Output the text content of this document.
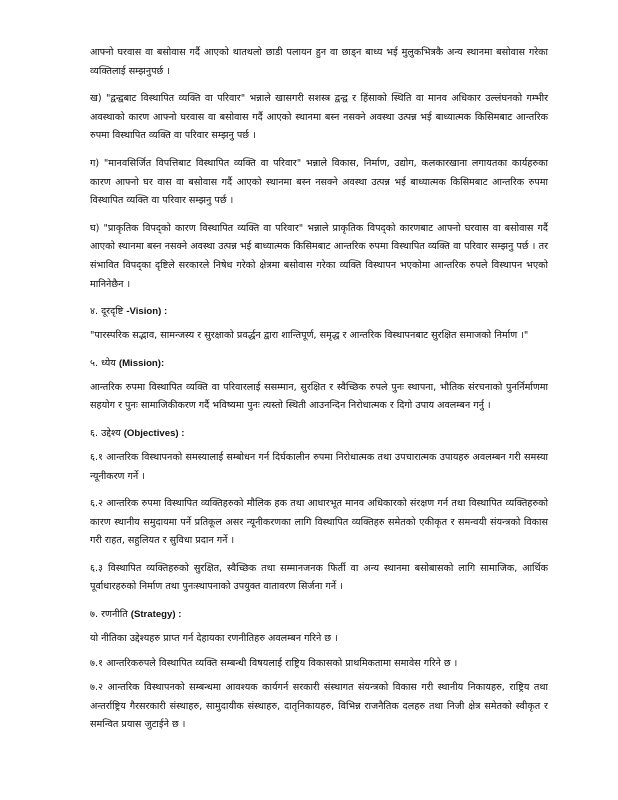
आफ्नो घरवास वा बसोवास गर्दै आएको थातथलो छाडी पलायन हुन वा छाड्न बाध्य भई मुलुकभित्रकै अन्य स्थानमा बसोवास गरेका व्यक्तिलाई सम्झनुपर्छ ।

ख) "द्वन्द्वबाट विस्थापित व्यक्ति वा परिवार" भन्नाले खासगरी सशस्त्र द्वन्द्व र हिंसाको स्थिति वा मानव अधिकार उल्लंघनको गम्भीर अवस्थाको कारण आफ्नो घरवास वा बसोवास गर्दै आएको स्थानमा बस्न नसक्ने अवस्था उत्पन्न भई बाध्यात्मक किसिमबाट आन्तरिक रुपमा विस्थापित व्यक्ति वा परिवार सम्झनु पर्छ ।

ग) "मानवसिर्जित विपत्तिबाट विस्थापित व्यक्ति वा परिवार" भन्नाले विकास, निर्माण, उद्योग, कलकारखाना लगायतका कार्यहरुका कारण आफ्नो घर वास वा बसोवास गर्दै आएको स्थानमा बस्न नसक्ने अवस्था उत्पन्न भई बाध्यात्मक किसिमबाट आन्तरिक रुपमा विस्थापित व्यक्ति वा परिवार सम्झनु पर्छ ।

घ) "प्राकृतिक विपद्को कारण विस्थापित व्यक्ति वा परिवार" भन्नाले प्राकृतिक विपद्को कारणबाट आफ्नो घरवास वा बसोवास गर्दै आएको स्थानमा बस्न नसक्ने अवस्था उत्पन्न भई बाध्यात्मक किसिमबाट आन्तरिक रुपमा विस्थापित व्यक्ति वा परिवार सम्झनु पर्छ । तर संभावित विपद्का दृष्टिले सरकारले निषेध गरेको क्षेत्रमा बसोवास गरेका व्यक्ति विस्थापन भएकोमा आन्तरिक रुपले विस्थापन भएको मानिनेछैन ।

४. दूरदृष्टि -Vision) :

"पारस्परिक सद्भाव, सामन्जस्य र सुरक्षाको प्रवर्द्धन द्वारा शान्तिपूर्ण, समृद्ध र आन्तरिक विस्थापनबाट सुरक्षित समाजको निर्माण ।"

५. ध्येय (Mission):

आन्तरिक रुपमा विस्थापित व्यक्ति वा परिवारलाई ससम्मान, सुरक्षित र स्वैच्छिक रुपले पुनः स्थापना, भौतिक संरचनाको पुनर्निर्माणमा सहयोग र पुनः सामाजिकीकरण गर्दै भविष्यमा पुनः त्यस्तो स्थिती आउनन्दिन निरोधात्मक र दिगो उपाय अवलम्बन गर्नु ।

६. उद्देश्य (Objectives) :

६.१ आन्तरिक विस्थापनको समस्यालाई सम्बोधन गर्न दिर्घकालीन रुपमा निरोधात्मक तथा उपचारात्मक उपायहरु अवलम्बन गरी समस्या न्यूनीकरण गर्ने ।

६.२ आन्तरिक रुपमा विस्थापित व्यक्तिहरुको मौलिक हक तथा आधारभूत मानव अधिकारको संरक्षण गर्न तथा विस्थापित व्यक्तिहरुको कारण स्थानीय समुदायमा पर्ने प्रतिकूल असर न्यूनीकरणका लागि विस्थापित व्यक्तिहरु समेतको एकीकृत र समन्वयी संयन्त्रको विकास गरी राहत, सहुलियत र सुविधा प्रदान गर्ने ।

६.३ विस्थापित व्यक्तिहरुको सुरक्षित, स्वैच्छिक तथा सम्मानजनक फिर्ती वा अन्य स्थानमा बसोबासको लागि सामाजिक, आर्थिक पूर्वाधारहरुको निर्माण तथा पुनःस्थापनाको उपयुक्त वातावरण सिर्जना गर्ने ।

७. रणनीति (Strategy) :

यो नीतिका उद्देश्यहरु प्राप्त गर्न देहायका रणनीतिहरु अवलम्बन गरिने छ ।

७.१ आन्तरिकरुपले विस्थापित व्यक्ति सम्बन्धी विषयलाई राष्ट्रिय विकासको प्राथमिकतामा समावेस गरिने छ ।

७.२ आन्तरिक विस्थापनको सम्बन्धमा आवश्यक कार्यगर्न सरकारी संस्थागत संयन्त्रको विकास गरी स्थानीय निकायहरु, राष्ट्रिय तथा अन्तर्राष्ट्रिय गैरसरकारी संस्थाहरु, सामुदायीक संस्थाहरु, दातृनिकायहरु, विभिन्न राजनैतिक दलहरु तथा निजी क्षेत्र समेतको स्वीकृत र समन्वित प्रयास जुटाईने छ ।
